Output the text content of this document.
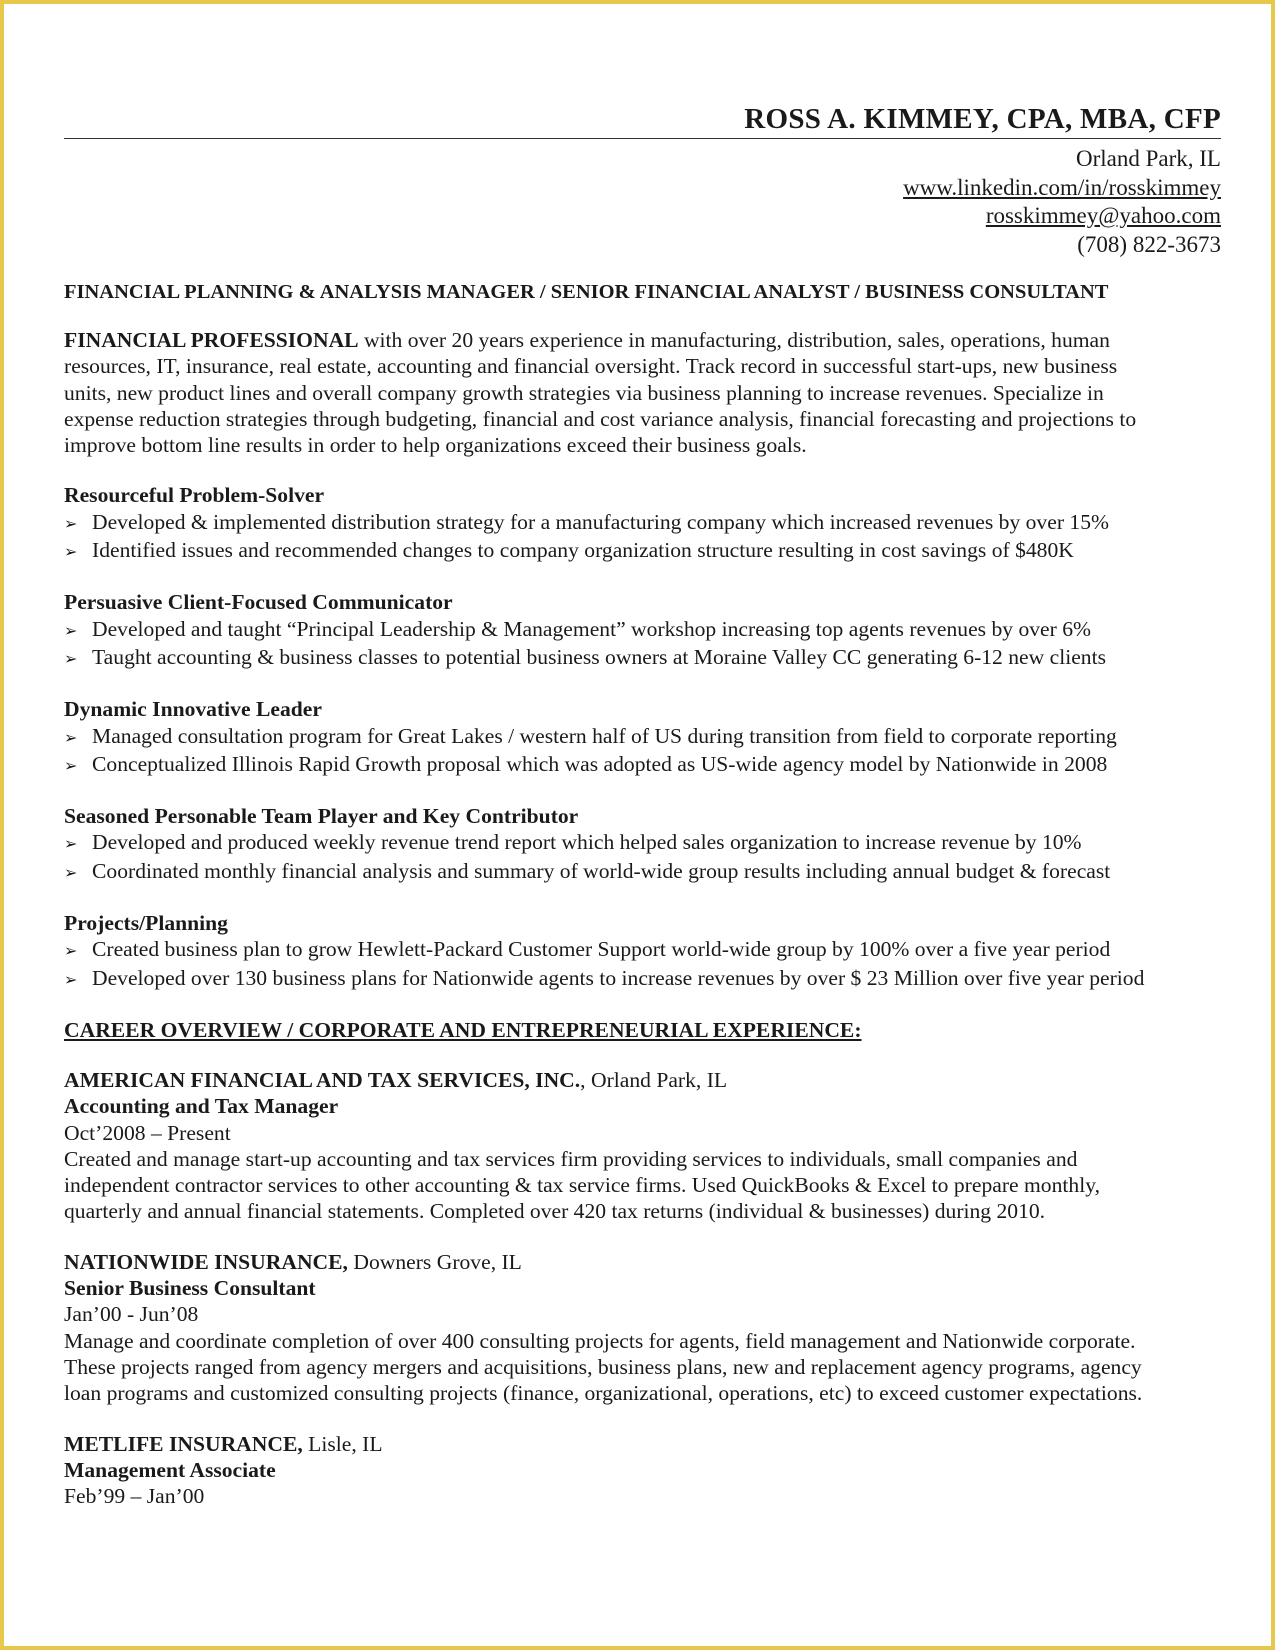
ROSS A. KIMMEY, CPA, MBA, CFP
Orland Park, IL
www.linkedin.com/in/rosskimmey
rosskimmey@yahoo.com
(708) 822-3673
FINANCIAL PLANNING & ANALYSIS MANAGER / SENIOR FINANCIAL ANALYST / BUSINESS CONSULTANT
FINANCIAL PROFESSIONAL with over 20 years experience in manufacturing, distribution, sales, operations, human
resources, IT, insurance, real estate, accounting and financial oversight. Track record in successful start-ups, new business
units, new product lines and overall company growth strategies via business planning to increase revenues. Specialize in
expense reduction strategies through budgeting, financial and cost variance analysis, financial forecasting and projections to
improve bottom line results in order to help organizations exceed their business goals.
Resourceful Problem-Solver
➢ Developed & implemented distribution strategy for a manufacturing company which increased revenues by over 15%
➢ Identified issues and recommended changes to company organization structure resulting in cost savings of $480K
Persuasive Client-Focused Communicator
➢ Developed and taught “Principal Leadership & Management” workshop increasing top agents revenues by over 6%
➢ Taught accounting & business classes to potential business owners at Moraine Valley CC generating 6-12 new clients
Dynamic Innovative Leader
➢ Managed consultation program for Great Lakes / western half of US during transition from field to corporate reporting
➢ Conceptualized Illinois Rapid Growth proposal which was adopted as US-wide agency model by Nationwide in 2008
Seasoned Personable Team Player and Key Contributor
➢ Developed and produced weekly revenue trend report which helped sales organization to increase revenue by 10%
➢ Coordinated monthly financial analysis and summary of world-wide group results including annual budget & forecast
Projects/Planning
➢ Created business plan to grow Hewlett-Packard Customer Support world-wide group by 100% over a five year period
➢ Developed over 130 business plans for Nationwide agents to increase revenues by over $ 23 Million over five year period
CAREER OVERVIEW / CORPORATE AND ENTREPRENEURIAL EXPERIENCE:
AMERICAN FINANCIAL AND TAX SERVICES, INC., Orland Park, IL
Accounting and Tax Manager
Oct’2008 – Present
Created and manage start-up accounting and tax services firm providing services to individuals, small companies and
independent contractor services to other accounting & tax service firms. Used QuickBooks & Excel to prepare monthly,
quarterly and annual financial statements. Completed over 420 tax returns (individual & businesses) during 2010.
NATIONWIDE INSURANCE, Downers Grove, IL
Senior Business Consultant
Jan’00 - Jun’08
Manage and coordinate completion of over 400 consulting projects for agents, field management and Nationwide corporate.
These projects ranged from agency mergers and acquisitions, business plans, new and replacement agency programs, agency
loan programs and customized consulting projects (finance, organizational, operations, etc) to exceed customer expectations.
METLIFE INSURANCE, Lisle, IL
Management Associate
Feb’99 – Jan’00
